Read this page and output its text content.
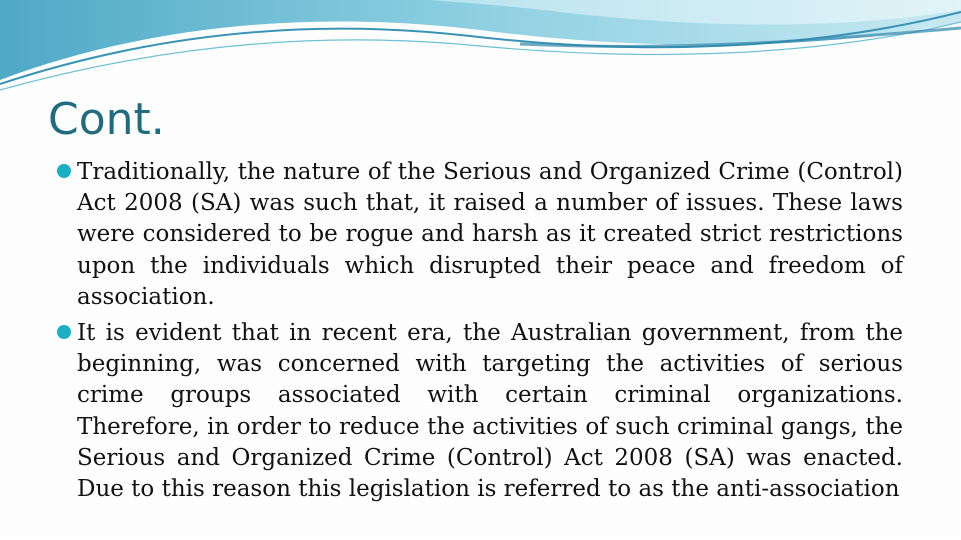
Cont.
Traditionally, the nature of the Serious and Organized Crime (Control) Act 2008 (SA) was such that, it raised a number of issues. These laws were considered to be rogue and harsh as it created strict restrictions upon the individuals which disrupted their peace and freedom of association.
It is evident that in recent era, the Australian government, from the beginning, was concerned with targeting the activities of serious crime groups associated with certain criminal organizations. Therefore, in order to reduce the activities of such criminal gangs, the Serious and Organized Crime (Control) Act 2008 (SA) was enacted. Due to this reason this legislation is referred to as the anti-association
